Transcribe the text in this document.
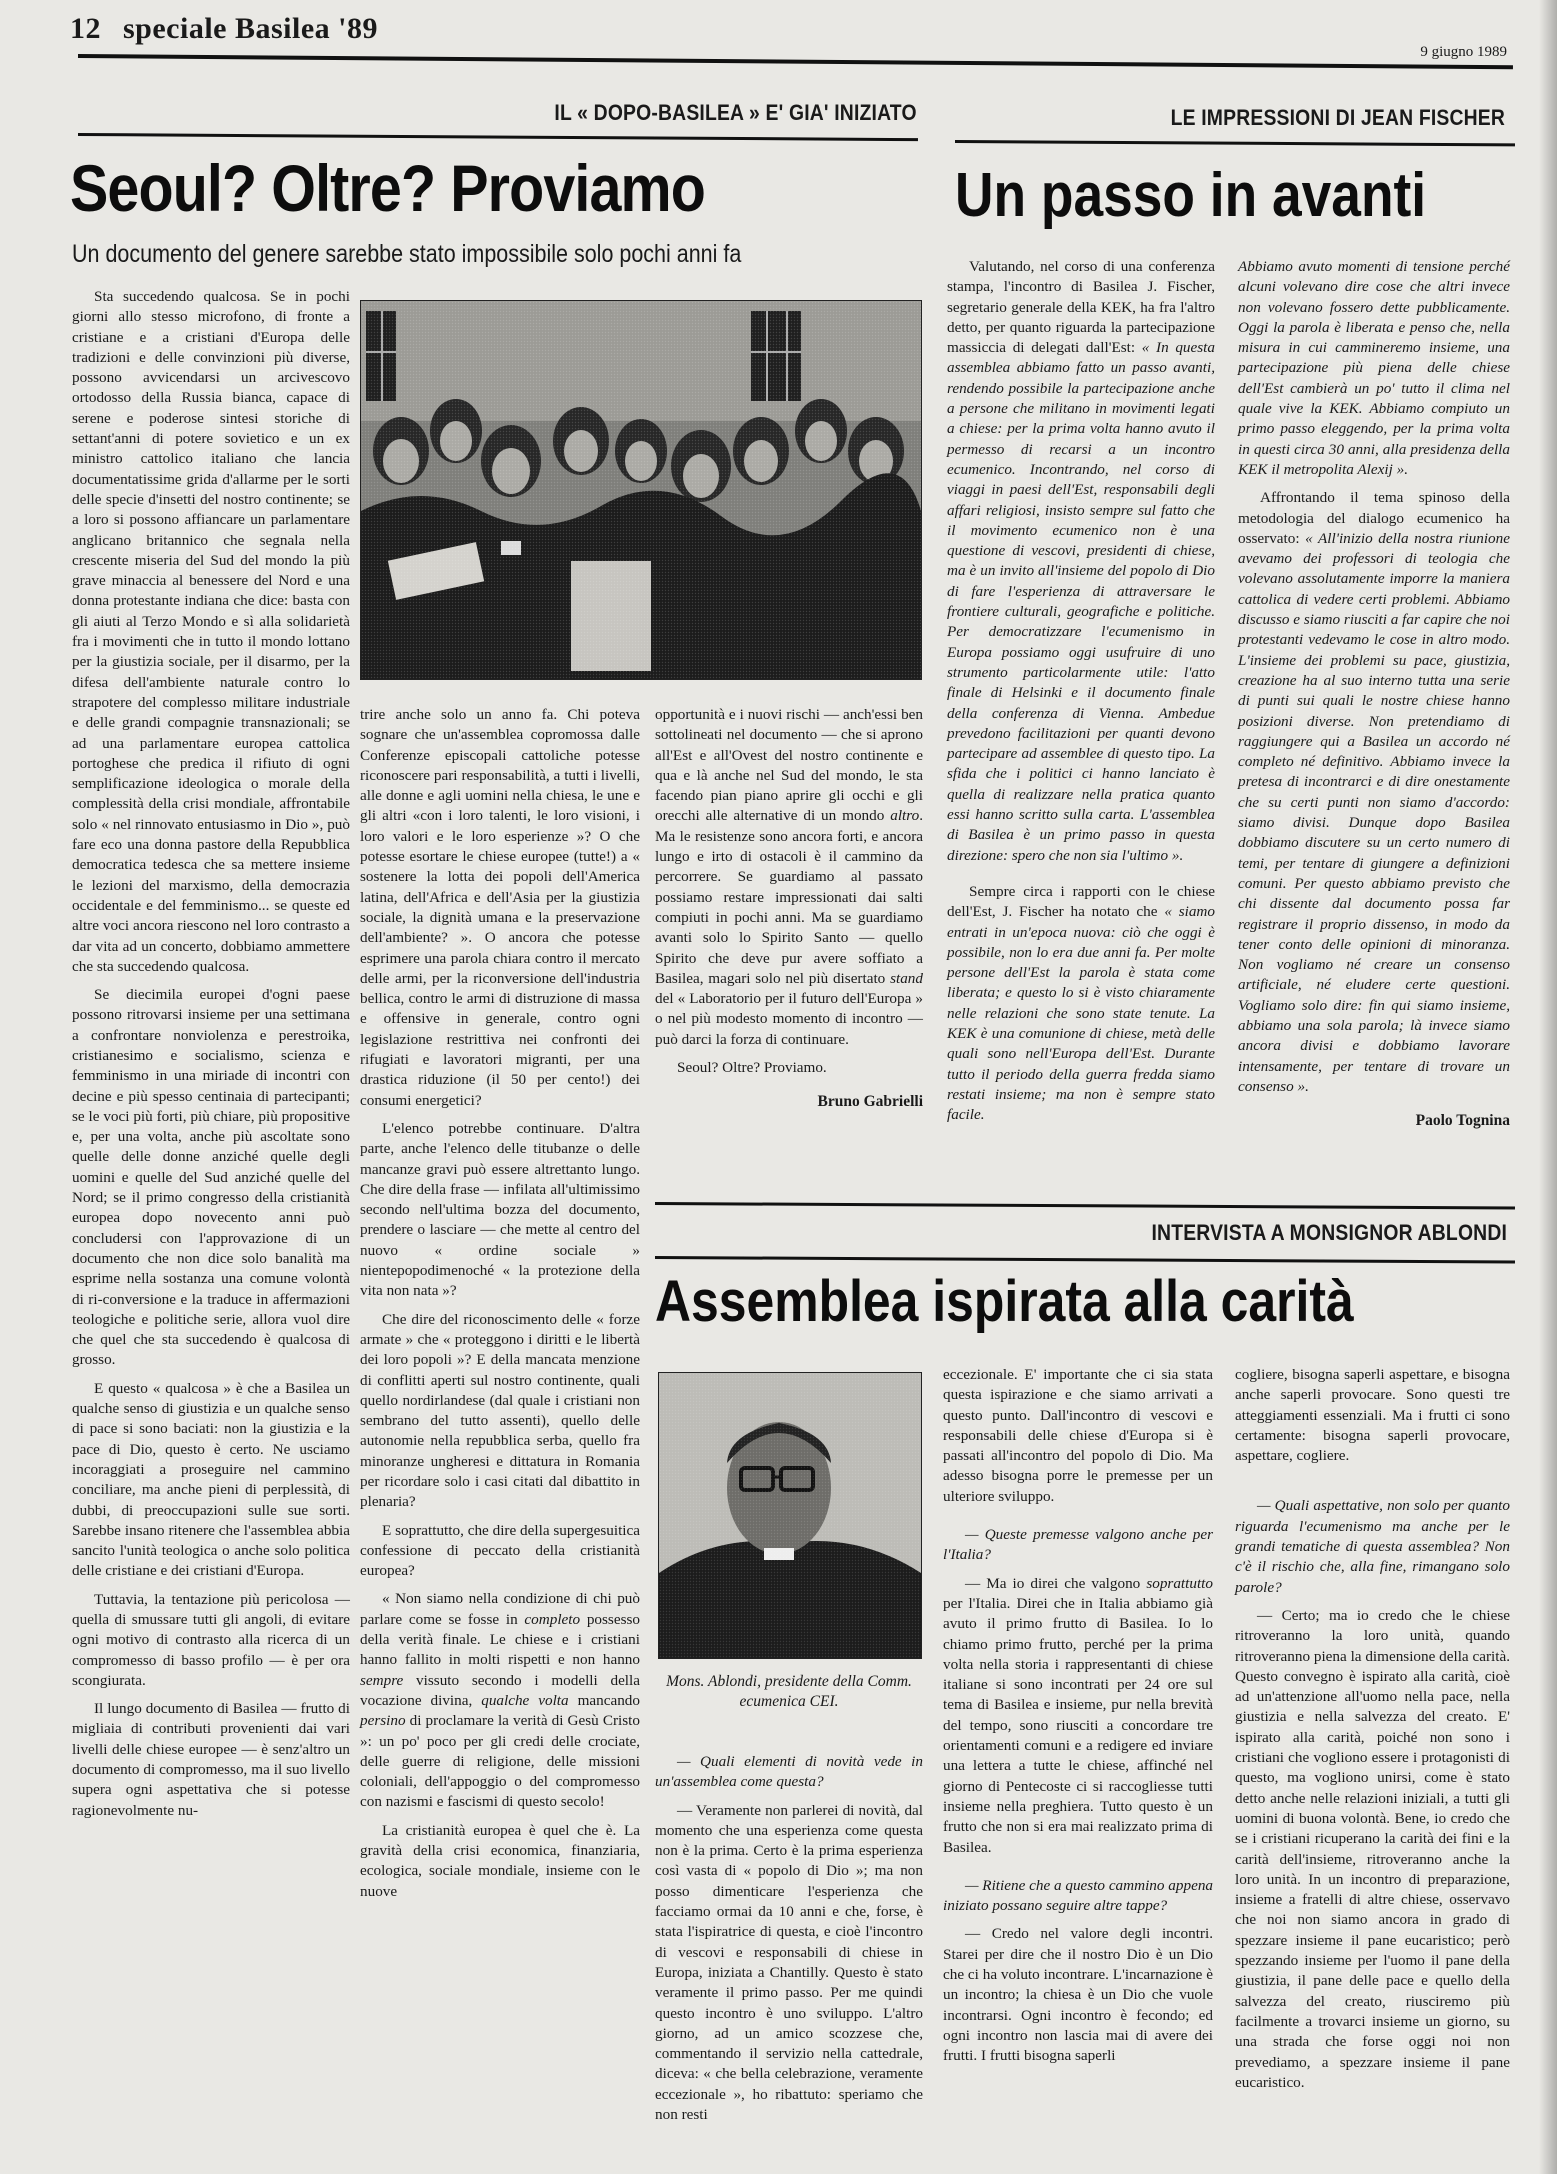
12 speciale Basilea '89
9 giugno 1989
IL « DOPO-BASILEA » E' GIA' INIZIATO
Seoul? Oltre? Proviamo
Un documento del genere sarebbe stato impossibile solo pochi anni fa
LE IMPRESSIONI DI JEAN FISCHER
Un passo in avanti

Sta succedendo qualcosa. Se in pochi giorni allo stesso microfono, di fronte a cristiane e a cristiani d'Europa delle tradizioni e delle convinzioni più diverse, possono avvicendarsi un arcivescovo ortodosso della Russia bianca, capace di serene e poderose sintesi storiche di settant'anni di potere sovietico e un ex ministro cattolico italiano che lancia documentatissime grida d'allarme per le sorti delle specie d'insetti del nostro continente; se a loro si possono affiancare un parlamentare anglicano britannico che segnala nella crescente miseria del Sud del mondo la più grave minaccia al benessere del Nord e una donna protestante indiana che dice: basta con gli aiuti al Terzo Mondo e sì alla solidarietà fra i movimenti che in tutto il mondo lottano per la giustizia sociale, per il disarmo, per la difesa dell'ambiente naturale contro lo strapotere del complesso militare industriale e delle grandi compagnie transnazionali; se ad una parlamentare europea cattolica portoghese che predica il rifiuto di ogni semplificazione ideologica o morale della complessità della crisi mondiale, affrontabile solo « nel rinnovato entusiasmo in Dio », può fare eco una donna pastore della Repubblica democratica tedesca che sa mettere insieme le lezioni del marxismo, della democrazia occidentale e del femminismo... se queste ed altre voci ancora riescono nel loro contrasto a dar vita ad un concerto, dobbiamo ammettere che sta succedendo qualcosa.

Se diecimila europei d'ogni paese possono ritrovarsi insieme per una settimana a confrontare nonviolenza e perestroika, cristianesimo e socialismo, scienza e femminismo in una miriade di incontri con decine e più spesso centinaia di partecipanti; se le voci più forti, più chiare, più propositive e, per una volta, anche più ascoltate sono quelle delle donne anziché quelle degli uomini e quelle del Sud anziché quelle del Nord; se il primo congresso della cristianità europea dopo novecento anni può concludersi con l'approvazione di un documento che non dice solo banalità ma esprime nella sostanza una comune volontà di ri-conversione e la traduce in affermazioni teologiche e politiche serie, allora vuol dire che quel che sta succedendo è qualcosa di grosso.

E questo « qualcosa » è che a Basilea un qualche senso di giustizia e un qualche senso di pace si sono baciati: non la giustizia e la pace di Dio, questo è certo. Ne usciamo incoraggiati a proseguire nel cammino conciliare, ma anche pieni di perplessità, di dubbi, di preoccupazioni sulle sue sorti. Sarebbe insano ritenere che l'assemblea abbia sancito l'unità teologica o anche solo politica delle cristiane e dei cristiani d'Europa.

Tuttavia, la tentazione più pericolosa — quella di smussare tutti gli angoli, di evitare ogni motivo di contrasto alla ricerca di un compromesso di basso profilo — è per ora scongiurata.

Il lungo documento di Basilea — frutto di migliaia di contributi provenienti dai vari livelli delle chiese europee — è senz'altro un documento di compromesso, ma il suo livello supera ogni aspettativa che si potesse ragionevolmente nu-

trire anche solo un anno fa. Chi poteva sognare che un'assemblea copromossa dalle Conferenze episcopali cattoliche potesse riconoscere pari responsabilità, a tutti i livelli, alle donne e agli uomini nella chiesa, le une e gli altri «con i loro talenti, le loro visioni, i loro valori e le loro esperienze »? O che potesse esortare le chiese europee (tutte!) a « sostenere la lotta dei popoli dell'America latina, dell'Africa e dell'Asia per la giustizia sociale, la dignità umana e la preservazione dell'ambiente? ». O ancora che potesse esprimere una parola chiara contro il mercato delle armi, per la riconversione dell'industria bellica, contro le armi di distruzione di massa e offensive in generale, contro ogni legislazione restrittiva nei confronti dei rifugiati e lavoratori migranti, per una drastica riduzione (il 50 per cento!) dei consumi energetici?

L'elenco potrebbe continuare. D'altra parte, anche l'elenco delle titubanze o delle mancanze gravi può essere altrettanto lungo. Che dire della frase — infilata all'ultimissimo secondo nell'ultima bozza del documento, prendere o lasciare — che mette al centro del nuovo « ordine sociale » nientepopodimenoché « la protezione della vita non nata »?

Che dire del riconoscimento delle « forze armate » che « proteggono i diritti e le libertà dei loro popoli »? E della mancata menzione di conflitti aperti sul nostro continente, quali quello nordirlandese (dal quale i cristiani non sembrano del tutto assenti), quello delle autonomie nella repubblica serba, quello fra minoranze ungheresi e dittatura in Romania per ricordare solo i casi citati dal dibattito in plenaria?

E soprattutto, che dire della supergesuitica confessione di peccato della cristianità europea?

« Non siamo nella condizione di chi può parlare come se fosse in completo possesso della verità finale. Le chiese e i cristiani hanno fallito in molti rispetti e non hanno sempre vissuto secondo i modelli della vocazione divina, qualche volta mancando persino di proclamare la verità di Gesù Cristo »: un po' poco per gli credi delle crociate, delle guerre di religione, delle missioni coloniali, dell'appoggio o del compromesso con nazismi e fascismi di questo secolo!

La cristianità europea è quel che è. La gravità della crisi economica, finanziaria, ecologica, sociale mondiale, insieme con le nuove

opportunità e i nuovi rischi — anch'essi ben sottolineati nel documento — che si aprono all'Est e all'Ovest del nostro continente e qua e là anche nel Sud del mondo, le sta facendo pian piano aprire gli occhi e gli orecchi alle alternative di un mondo altro. Ma le resistenze sono ancora forti, e ancora lungo e irto di ostacoli è il cammino da percorrere. Se guardiamo al passato possiamo restare impressionati dai salti compiuti in pochi anni. Ma se guardiamo avanti solo lo Spirito Santo — quello Spirito che deve pur avere soffiato a Basilea, magari solo nel più disertato stand del « Laboratorio per il futuro dell'Europa » o nel più modesto momento di incontro — può darci la forza di continuare.

Seoul? Oltre? Proviamo.

Bruno Gabrielli

Valutando, nel corso di una conferenza stampa, l'incontro di Basilea J. Fischer, segretario generale della KEK, ha fra l'altro detto, per quanto riguarda la partecipazione massiccia di delegati dall'Est: « In questa assemblea abbiamo fatto un passo avanti, rendendo possibile la partecipazione anche a persone che militano in movimenti legati a chiese: per la prima volta hanno avuto il permesso di recarsi a un incontro ecumenico. Incontrando, nel corso di viaggi in paesi dell'Est, responsabili degli affari religiosi, insisto sempre sul fatto che il movimento ecumenico non è una questione di vescovi, presidenti di chiese, ma è un invito all'insieme del popolo di Dio di fare l'esperienza di attraversare le frontiere culturali, geografiche e politiche. Per democratizzare l'ecumenismo in Europa possiamo oggi usufruire di uno strumento particolarmente utile: l'atto finale di Helsinki e il documento finale della conferenza di Vienna. Ambedue prevedono facilitazioni per quanti devono partecipare ad assemblee di questo tipo. La sfida che i politici ci hanno lanciato è quella di realizzare nella pratica quanto essi hanno scritto sulla carta. L'assemblea di Basilea è un primo passo in questa direzione: spero che non sia l'ultimo ».

Sempre circa i rapporti con le chiese dell'Est, J. Fischer ha notato che « siamo entrati in un'epoca nuova: ciò che oggi è possibile, non lo era due anni fa. Per molte persone dell'Est la parola è stata come liberata; e questo lo si è visto chiaramente nelle relazioni che sono state tenute. La KEK è una comunione di chiese, metà delle quali sono nell'Europa dell'Est. Durante tutto il periodo della guerra fredda siamo restati insieme; ma non è sempre stato facile.

Abbiamo avuto momenti di tensione perché alcuni volevano dire cose che altri invece non volevano fossero dette pubblicamente. Oggi la parola è liberata e penso che, nella misura in cui cammineremo insieme, una partecipazione più piena delle chiese dell'Est cambierà un po' tutto il clima nel quale vive la KEK. Abbiamo compiuto un primo passo eleggendo, per la prima volta in questi circa 30 anni, alla presidenza della KEK il metropolita Alexij ».

Affrontando il tema spinoso della metodologia del dialogo ecumenico ha osservato: « All'inizio della nostra riunione avevamo dei professori di teologia che volevano assolutamente imporre la maniera cattolica di vedere certi problemi. Abbiamo discusso e siamo riusciti a far capire che noi protestanti vedevamo le cose in altro modo. L'insieme dei problemi su pace, giustizia, creazione ha al suo interno tutta una serie di punti sui quali le nostre chiese hanno posizioni diverse. Non pretendiamo di raggiungere qui a Basilea un accordo né completo né definitivo. Abbiamo invece la pretesa di incontrarci e di dire onestamente che su certi punti non siamo d'accordo: siamo divisi. Dunque dopo Basilea dobbiamo discutere su un certo numero di temi, per tentare di giungere a definizioni comuni. Per questo abbiamo previsto che chi dissente dal documento possa far registrare il proprio dissenso, in modo da tener conto delle opinioni di minoranza. Non vogliamo né creare un consenso artificiale, né eludere certe questioni. Vogliamo solo dire: fin qui siamo insieme, abbiamo una sola parola; là invece siamo ancora divisi e dobbiamo lavorare intensamente, per tentare di trovare un consenso ».

Paolo Tognina
INTERVISTA A MONSIGNOR ABLONDI
Assemblea ispirata alla carità
Mons. Ablondi, presidente della Comm. ecumenica CEI.

— Quali elementi di novità vede in un'assemblea come questa?

— Veramente non parlerei di novità, dal momento che una esperienza come questa non è la prima. Certo è la prima esperienza così vasta di « popolo di Dio »; ma non posso dimenticare l'esperienza che facciamo ormai da 10 anni e che, forse, è stata l'ispiratrice di questa, e cioè l'incontro di vescovi e responsabili di chiese in Europa, iniziata a Chantilly. Questo è stato veramente il primo passo. Per me quindi questo incontro è uno sviluppo. L'altro giorno, ad un amico scozzese che, commentando il servizio nella cattedrale, diceva: « che bella celebrazione, veramente eccezionale », ho ribattuto: speriamo che non resti

eccezionale. E' importante che ci sia stata questa ispirazione e che siamo arrivati a questo punto. Dall'incontro di vescovi e responsabili delle chiese d'Europa si è passati all'incontro del popolo di Dio. Ma adesso bisogna porre le premesse per un ulteriore sviluppo.

— Queste premesse valgono anche per l'Italia?

— Ma io direi che valgono soprattutto per l'Italia. Direi che in Italia abbiamo già avuto il primo frutto di Basilea. Io lo chiamo primo frutto, perché per la prima volta nella storia i rappresentanti di chiese italiane si sono incontrati per 24 ore sul tema di Basilea e insieme, pur nella brevità del tempo, sono riusciti a concordare tre orientamenti comuni e a redigere ed inviare una lettera a tutte le chiese, affinché nel giorno di Pentecoste ci si raccogliesse tutti insieme nella preghiera. Tutto questo è un frutto che non si era mai realizzato prima di Basilea.

— Ritiene che a questo cammino appena iniziato possano seguire altre tappe?

— Credo nel valore degli incontri. Starei per dire che il nostro Dio è un Dio che ci ha voluto incontrare. L'incarnazione è un incontro; la chiesa è un Dio che vuole incontrarsi. Ogni incontro è fecondo; ed ogni incontro non lascia mai di avere dei frutti. I frutti bisogna saperli

cogliere, bisogna saperli aspettare, e bisogna anche saperli provocare. Sono questi tre atteggiamenti essenziali. Ma i frutti ci sono certamente: bisogna saperli provocare, aspettare, cogliere.

— Quali aspettative, non solo per quanto riguarda l'ecumenismo ma anche per le grandi tematiche di questa assemblea? Non c'è il rischio che, alla fine, rimangano solo parole?

— Certo; ma io credo che le chiese ritroveranno la loro unità, quando ritroveranno piena la dimensione della carità. Questo convegno è ispirato alla carità, cioè ad un'attenzione all'uomo nella pace, nella giustizia e nella salvezza del creato. E' ispirato alla carità, poiché non sono i cristiani che vogliono essere i protagonisti di questo, ma vogliono unirsi, come è stato detto anche nelle relazioni iniziali, a tutti gli uomini di buona volontà. Bene, io credo che se i cristiani ricuperano la carità dei fini e la carità dell'insieme, ritroveranno anche la loro unità. In un incontro di preparazione, insieme a fratelli di altre chiese, osservavo che noi non siamo ancora in grado di spezzare insieme il pane eucaristico; però spezzando insieme per l'uomo il pane della giustizia, il pane delle pace e quello della salvezza del creato, riusciremo più facilmente a trovarci insieme un giorno, su una strada che forse oggi noi non prevediamo, a spezzare insieme il pane eucaristico.
